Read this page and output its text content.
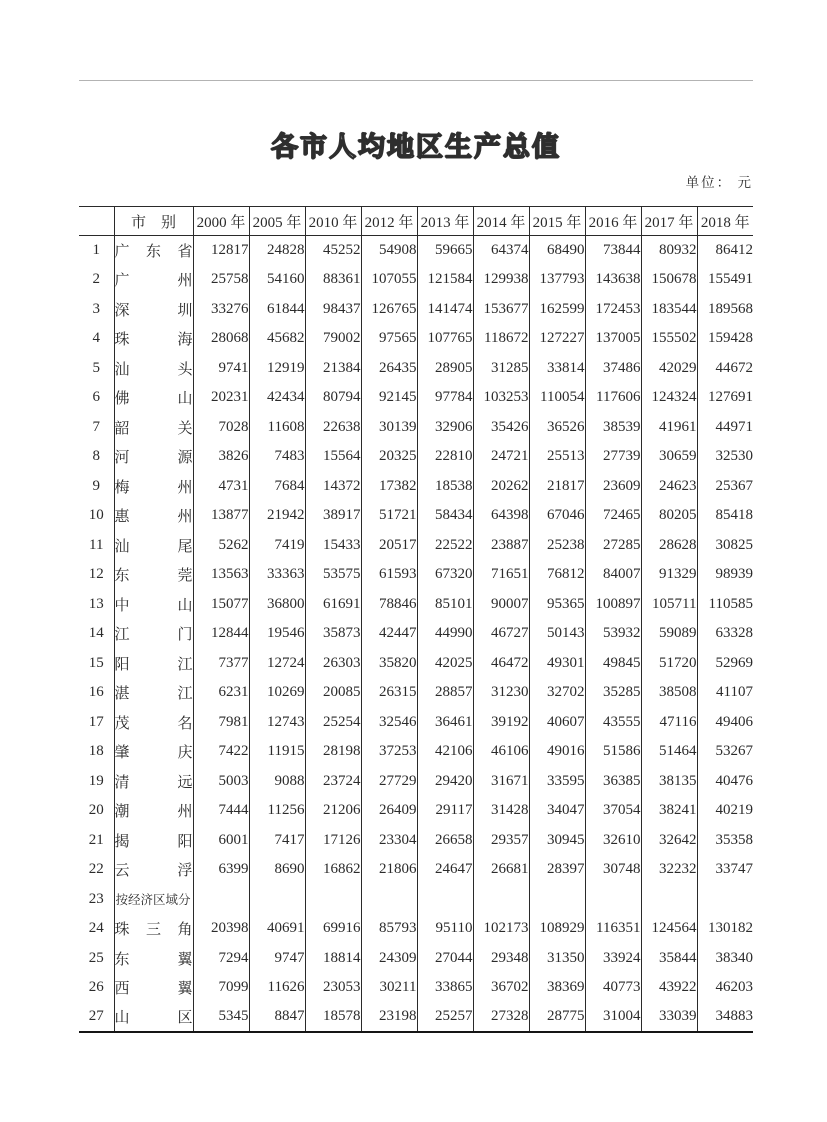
各市人均地区生产总值
单位： 元
	市　别	2000 年	2005 年	2010 年	2012 年	2013 年	2014 年	2015 年	2016 年	2017 年	2018 年
1	广 东 省	12817	24828	45252	54908	59665	64374	68490	73844	80932	86412
2	广 州	25758	54160	88361	107055	121584	129938	137793	143638	150678	155491
3	深 圳	33276	61844	98437	126765	141474	153677	162599	172453	183544	189568
4	珠 海	28068	45682	79002	97565	107765	118672	127227	137005	155502	159428
5	汕 头	9741	12919	21384	26435	28905	31285	33814	37486	42029	44672
6	佛 山	20231	42434	80794	92145	97784	103253	110054	117606	124324	127691
7	韶 关	7028	11608	22638	30139	32906	35426	36526	38539	41961	44971
8	河 源	3826	7483	15564	20325	22810	24721	25513	27739	30659	32530
9	梅 州	4731	7684	14372	17382	18538	20262	21817	23609	24623	25367
10	惠 州	13877	21942	38917	51721	58434	64398	67046	72465	80205	85418
11	汕 尾	5262	7419	15433	20517	22522	23887	25238	27285	28628	30825
12	东 莞	13563	33363	53575	61593	67320	71651	76812	84007	91329	98939
13	中 山	15077	36800	61691	78846	85101	90007	95365	100897	105711	110585
14	江 门	12844	19546	35873	42447	44990	46727	50143	53932	59089	63328
15	阳 江	7377	12724	26303	35820	42025	46472	49301	49845	51720	52969
16	湛 江	6231	10269	20085	26315	28857	31230	32702	35285	38508	41107
17	茂 名	7981	12743	25254	32546	36461	39192	40607	43555	47116	49406
18	肇 庆	7422	11915	28198	37253	42106	46106	49016	51586	51464	53267
19	清 远	5003	9088	23724	27729	29420	31671	33595	36385	38135	40476
20	潮 州	7444	11256	21206	26409	29117	31428	34047	37054	38241	40219
21	揭 阳	6001	7417	17126	23304	26658	29357	30945	32610	32642	35358
22	云 浮	6399	8690	16862	21806	24647	26681	28397	30748	32232	33747
23	按经济区域分										
24	珠 三 角	20398	40691	69916	85793	95110	102173	108929	116351	124564	130182
25	东 翼	7294	9747	18814	24309	27044	29348	31350	33924	35844	38340
26	西 翼	7099	11626	23053	30211	33865	36702	38369	40773	43922	46203
27	山 区	5345	8847	18578	23198	25257	27328	28775	31004	33039	34883
